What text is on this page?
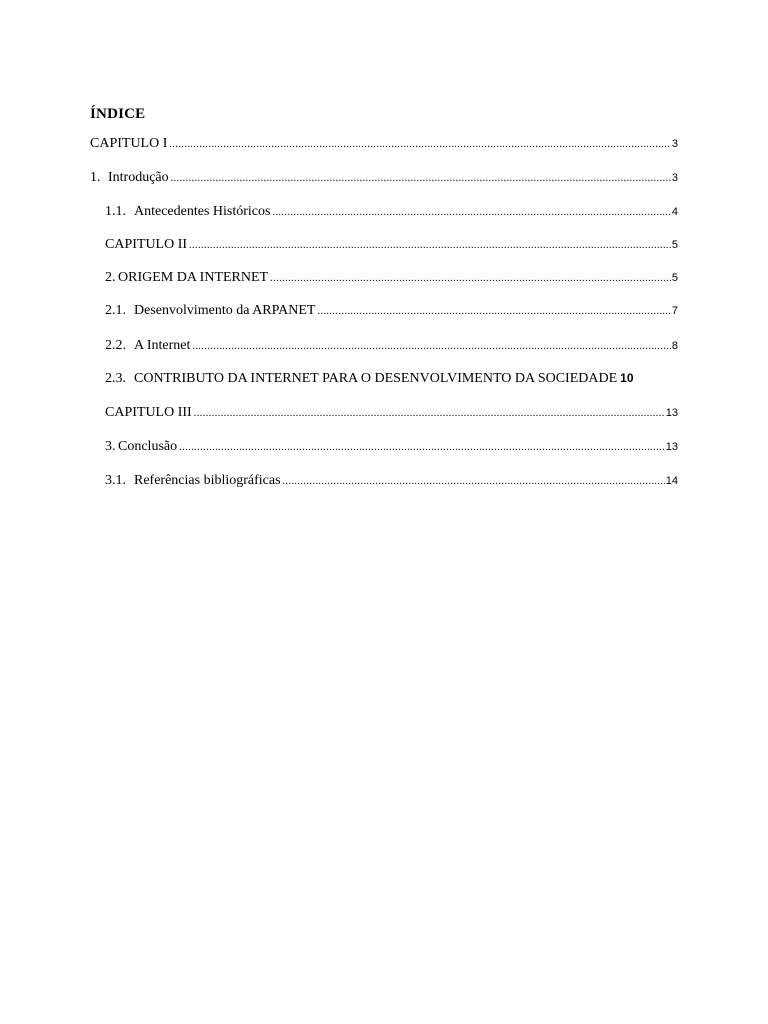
ÍNDICE
CAPITULO I .....	3
1. Introdução .....	3
1.1. Antecedentes Históricos .....	4
CAPITULO II .....	5
2. ORIGEM DA INTERNET .....	5
2.1. Desenvolvimento da ARPANET .....	7
2.2. A Internet .....	8
2.3. CONTRIBUTO DA INTERNET PARA O DESENVOLVIMENTO DA SOCIEDADE 10
CAPITULO III .....	13
3. Conclusão .....	13
3.1. Referências bibliográficas .....	14
